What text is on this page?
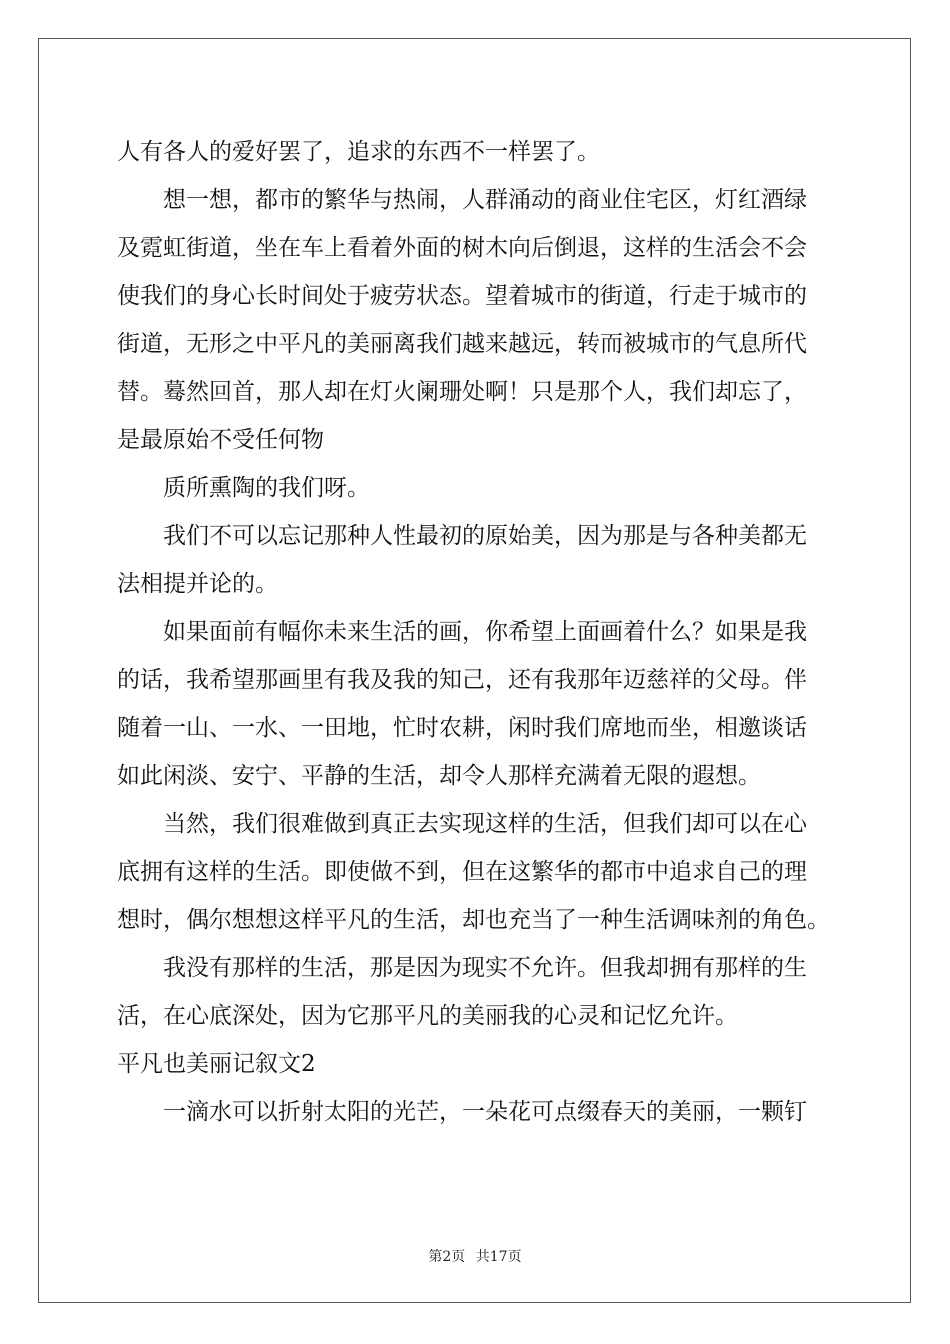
人有各人的爱好罢了，追求的东西不一样罢了。
想一想，都市的繁华与热闹，人群涌动的商业住宅区，灯红酒绿
及霓虹街道，坐在车上看着外面的树木向后倒退，这样的生活会不会
使我们的身心长时间处于疲劳状态。望着城市的街道，行走于城市的
街道，无形之中平凡的美丽离我们越来越远，转而被城市的气息所代
替。蓦然回首，那人却在灯火阑珊处啊！只是那个人，我们却忘了，
是最原始不受任何物
质所熏陶的我们呀。
我们不可以忘记那种人性最初的原始美，因为那是与各种美都无
法相提并论的。
如果面前有幅你未来生活的画，你希望上面画着什么？如果是我
的话，我希望那画里有我及我的知己，还有我那年迈慈祥的父母。伴
随着一山、一水、一田地，忙时农耕，闲时我们席地而坐，相邀谈话
如此闲淡、安宁、平静的生活，却令人那样充满着无限的遐想。
当然，我们很难做到真正去实现这样的生活，但我们却可以在心
底拥有这样的生活。即使做不到，但在这繁华的都市中追求自己的理
想时，偶尔想想这样平凡的生活，却也充当了一种生活调味剂的角色。
我没有那样的生活，那是因为现实不允许。但我却拥有那样的生
活，在心底深处，因为它那平凡的美丽我的心灵和记忆允许。
平凡也美丽记叙文2
一滴水可以折射太阳的光芒，一朵花可点缀春天的美丽，一颗钉
第2页 共17页
